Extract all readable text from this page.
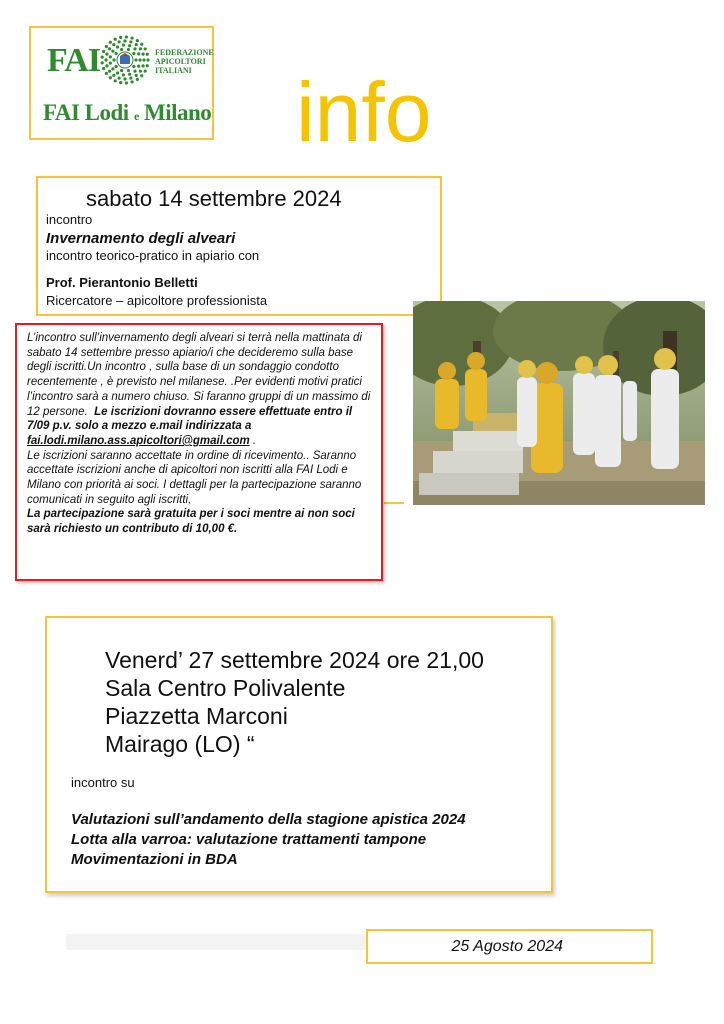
FAI	FEDERAZIONE
APICOLTORI
ITALIANI
FAI Lodi e Milano info
sabato 14 settembre 2024
incontro
Invernamento degli alveari
incontro teorico-pratico in apiario con
Prof. Pierantonio Belletti
Ricercatore – apicoltore professionista

L’incontro sull’invernamento degli alveari si terrà nella mattinata di sabato 14 settembre presso apiario/i che decideremo sulla base degli iscritti.Un incontro , sulla base di un sondaggio condotto recentemente , è previsto nel milanese. .Per evidenti motivi pratici l’incontro sarà a numero chiuso. Si faranno gruppi di un massimo di 12 persone. Le iscrizioni dovranno essere effettuate entro il 7/09 p.v. solo a mezzo e.mail indirizzata a fai.lodi.milano.ass.apicoltori@gmail.com .

Le iscrizioni saranno accettate in ordine di ricevimento.. Saranno accettate iscrizioni anche di apicoltori non iscritti alla FAI Lodi e Milano con priorità ai soci. I dettagli per la partecipazione saranno comunicati in seguito agli iscritti,

La partecipazione sarà gratuita per i soci mentre ai non soci sarà richiesto un contributo di 10,00 €.

Venerd’ 27 settembre 2024 ore 21,00
Sala Centro Polivalente
Piazzetta Marconi
Mairago (LO) “
incontro su
Valutazioni sull’andamento della stagione apistica 2024
Lotta alla varroa: valutazione trattamenti tampone
Movimentazioni in BDA
25 Agosto 2024
